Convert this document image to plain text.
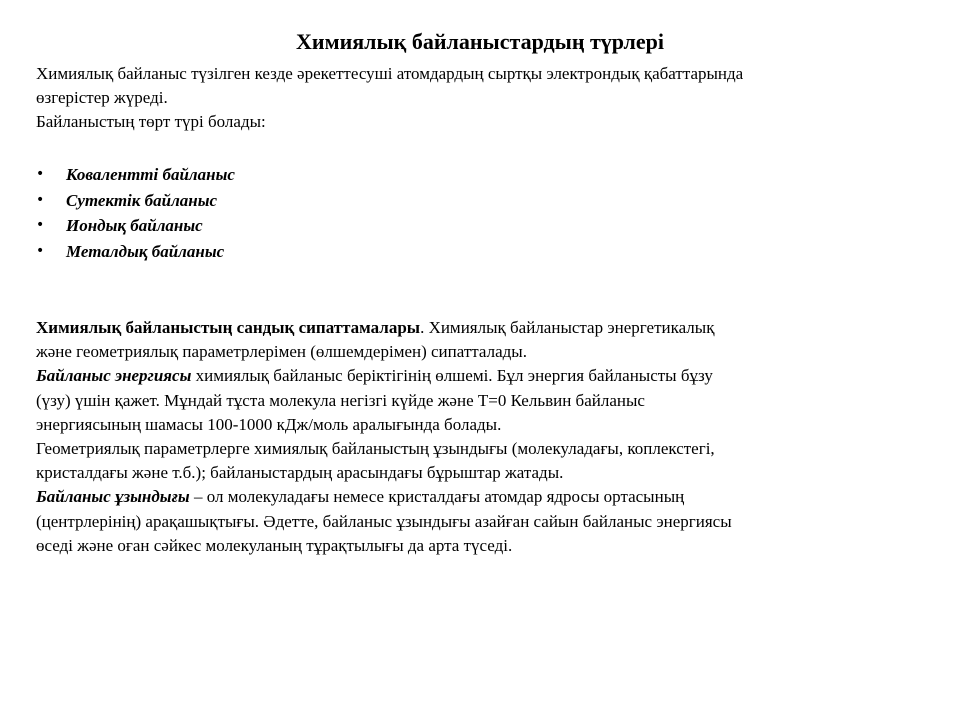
Химиялық байланыстардың түрлері

Химиялық байланыс түзілген кезде әрекеттесуші атомдардың сыртқы электрондық қабаттарында

өзгерістер жүреді.

Байланыстың төрт түрі болады:

• Ковалентті байланыс
• Сутектік байланыс
• Иондық байланыс
• Металдық байланыс

Химиялық байланыстың сандық сипаттамалары. Химиялық байланыстар энергетикалық

және геометриялық параметрлерімен (өлшемдерімен) сипатталады.

Байланыс энергиясы химиялық байланыс беріктігінің өлшемі. Бұл энергия байланысты бұзу

(үзу) үшін қажет. Мұндай тұста молекула негізгі күйде және Т=0 Кельвин байланыс

энергиясының шамасы 100-1000 кДж/моль аралығында болады.

Геометриялық параметрлерге химиялық байланыстың ұзындығы (молекуладағы, коплекстегі,

кристалдағы және т.б.); байланыстардың арасындағы бұрыштар жатады.

Байланыс ұзындығы – ол молекуладағы немесе кристалдағы атомдар ядросы ортасының

(центрлерінің) арақашықтығы. Әдетте, байланыс ұзындығы азайған сайын байланыс энергиясы

өседі және оған сәйкес молекуланың тұрақтылығы да арта түседі.
